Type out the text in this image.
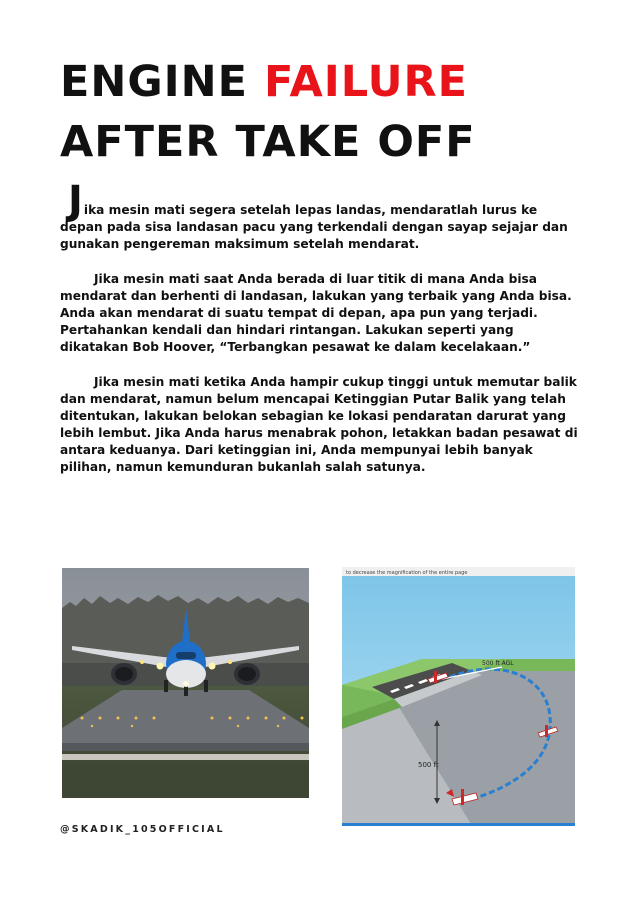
ENGINE FAILURE
AFTER TAKE OFF

Jika mesin mati segera setelah lepas landas, mendaratlah lurus ke depan pada sisa landasan pacu yang terkendali dengan sayap sejajar dan gunakan pengereman maksimum setelah mendarat.

Jika mesin mati saat Anda berada di luar titik di mana Anda bisa mendarat dan berhenti di landasan, lakukan yang terbaik yang Anda bisa. Anda akan mendarat di suatu tempat di depan, apa pun yang terjadi. Pertahankan kendali dan hindari rintangan. Lakukan seperti yang dikatakan Bob Hoover, “Terbangkan pesawat ke dalam kecelakaan.”

Jika mesin mati ketika Anda hampir cukup tinggi untuk memutar balik dan mendarat, namun belum mencapai Ketinggian Putar Balik yang telah ditentukan, lakukan belokan sebagian ke lokasi pendaratan darurat yang lebih lembut. Jika Anda harus menabrak pohon, letakkan badan pesawat di antara keduanya. Dari ketinggian ini, Anda mempunyai lebih banyak pilihan, namun kemunduran bukanlah salah satunya.

to decrease the magnification of the entire page
500 ft
500 ft AGL
@SKADIK_105OFFICIAL
